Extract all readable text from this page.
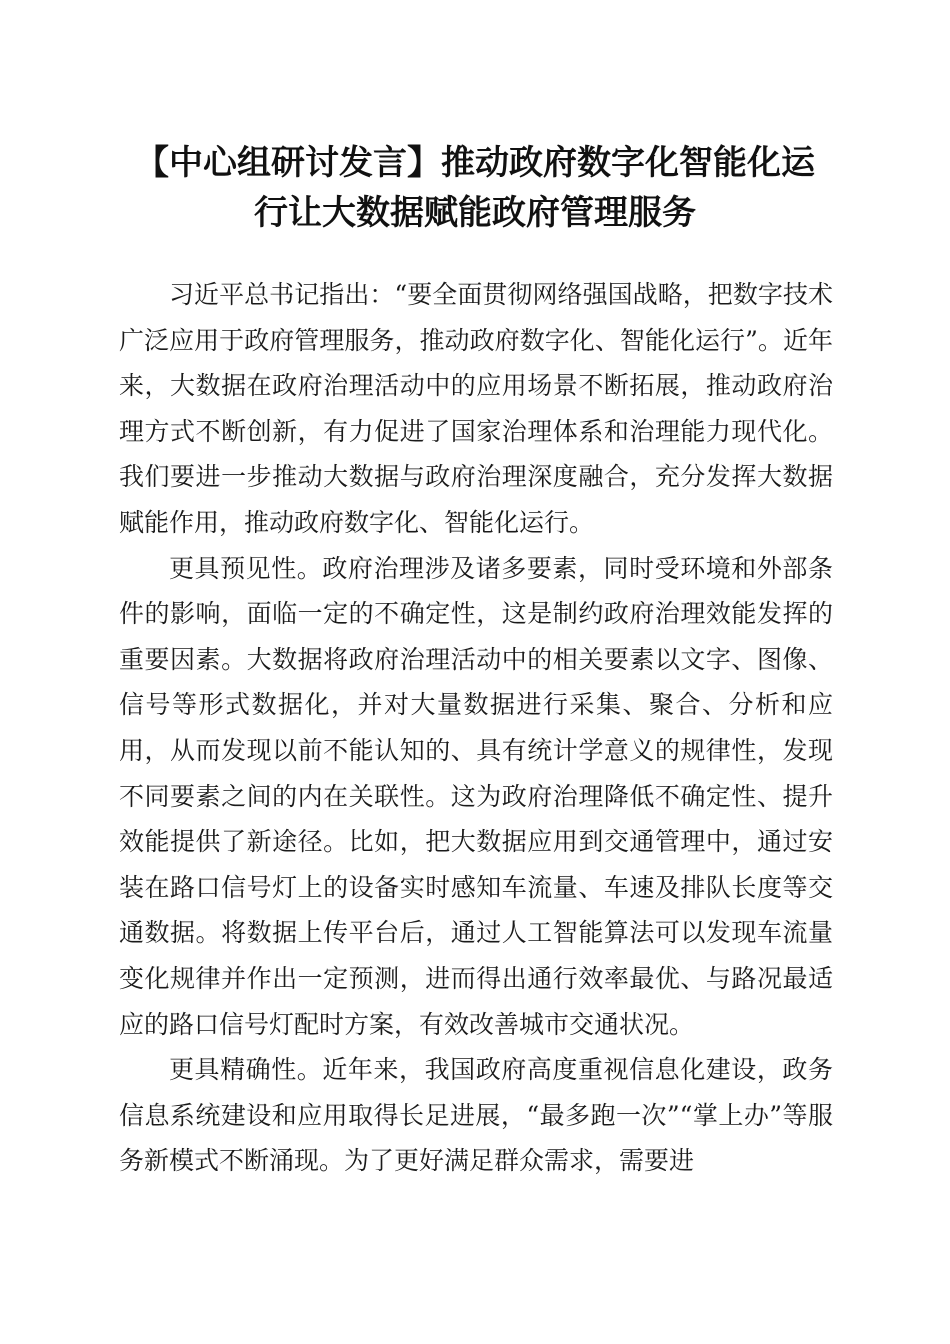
【中心组研讨发言】推动政府数字化智能化运行让大数据赋能政府管理服务

习近平总书记指出：“要全面贯彻网络强国战略，把数字技术广泛应用于政府管理服务，推动政府数字化、智能化运行”。近年来，大数据在政府治理活动中的应用场景不断拓展，推动政府治理方式不断创新，有力促进了国家治理体系和治理能力现代化。我们要进一步推动大数据与政府治理深度融合，充分发挥大数据赋能作用，推动政府数字化、智能化运行。

更具预见性。政府治理涉及诸多要素，同时受环境和外部条件的影响，面临一定的不确定性，这是制约政府治理效能发挥的重要因素。大数据将政府治理活动中的相关要素以文字、图像、信号等形式数据化，并对大量数据进行采集、聚合、分析和应用，从而发现以前不能认知的、具有统计学意义的规律性，发现不同要素之间的内在关联性。这为政府治理降低不确定性、提升效能提供了新途径。比如，把大数据应用到交通管理中，通过安装在路口信号灯上的设备实时感知车流量、车速及排队长度等交通数据。将数据上传平台后，通过人工智能算法可以发现车流量变化规律并作出一定预测，进而得出通行效率最优、与路况最适应的路口信号灯配时方案，有效改善城市交通状况。

更具精确性。近年来，我国政府高度重视信息化建设，政务信息系统建设和应用取得长足进展，“最多跑一次”“掌上办”等服务新模式不断涌现。为了更好满足群众需求，需要进
